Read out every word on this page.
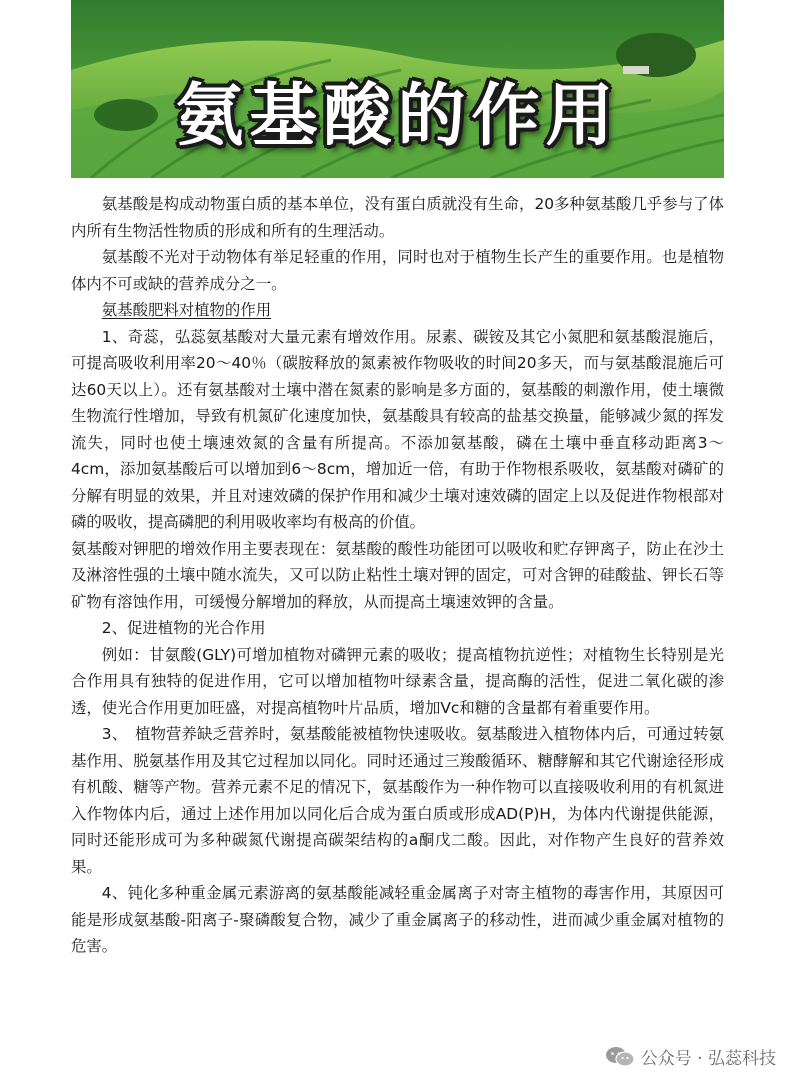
氨基酸的作用

氨基酸是构成动物蛋白质的基本单位，没有蛋白质就没有生命，20多种氨基酸几乎参与了体内所有生物活性物质的形成和所有的生理活动。

氨基酸不光对于动物体有举足轻重的作用，同时也对于植物生长产生的重要作用。也是植物体内不可或缺的营养成分之一。

氨基酸肥料对植物的作用

1、奇蕊，弘蕊氨基酸对大量元素有增效作用。尿素、碳铵及其它小氮肥和氨基酸混施后，可提高吸收利用率20～40％（碳胺释放的氮素被作物吸收的时间20多天，而与氨基酸混施后可达60天以上）。还有氨基酸对土壤中潜在氮素的影响是多方面的，氨基酸的刺激作用，使土壤微生物流行性增加，导致有机氮矿化速度加快，氨基酸具有较高的盐基交换量，能够减少氮的挥发流失，同时也使土壤速效氮的含量有所提高。不添加氨基酸，磷在土壤中垂直移动距离3～4cm，添加氨基酸后可以增加到6～8cm，增加近一倍，有助于作物根系吸收，氨基酸对磷矿的分解有明显的效果，并且对速效磷的保护作用和减少土壤对速效磷的固定上以及促进作物根部对磷的吸收，提高磷肥的利用吸收率均有极高的价值。

氨基酸对钾肥的增效作用主要表现在：氨基酸的酸性功能团可以吸收和贮存钾离子，防止在沙土及淋溶性强的土壤中随水流失，又可以防止粘性土壤对钾的固定，可对含钾的硅酸盐、钾长石等矿物有溶蚀作用，可缓慢分解增加的释放，从而提高土壤速效钾的含量。

2、促进植物的光合作用

例如：甘氨酸(GLY)可增加植物对磷钾元素的吸收；提高植物抗逆性；对植物生长特别是光合作用具有独特的促进作用，它可以增加植物叶绿素含量，提高酶的活性，促进二氧化碳的渗透，使光合作用更加旺盛，对提高植物叶片品质，增加Vc和糖的含量都有着重要作用。

3、　植物营养缺乏营养时，氨基酸能被植物快速吸收。氨基酸进入植物体内后，可通过转氨基作用、脱氨基作用及其它过程加以同化。同时还通过三羧酸循环、糖酵解和其它代谢途径形成有机酸、糖等产物。营养元素不足的情况下，氨基酸作为一种作物可以直接吸收利用的有机氮进入作物体内后，通过上述作用加以同化后合成为蛋白质或形成AD(P)H，为体内代谢提供能源，同时还能形成可为多种碳氮代谢提高碳架结构的a酮戊二酸。因此，对作物产生良好的营养效果。

4、钝化多种重金属元素游离的氨基酸能减轻重金属离子对寄主植物的毒害作用，其原因可能是形成氨基酸-阳离子-聚磷酸复合物，减少了重金属离子的移动性，进而减少重金属对植物的危害。

公众号 · 弘蕊科技
